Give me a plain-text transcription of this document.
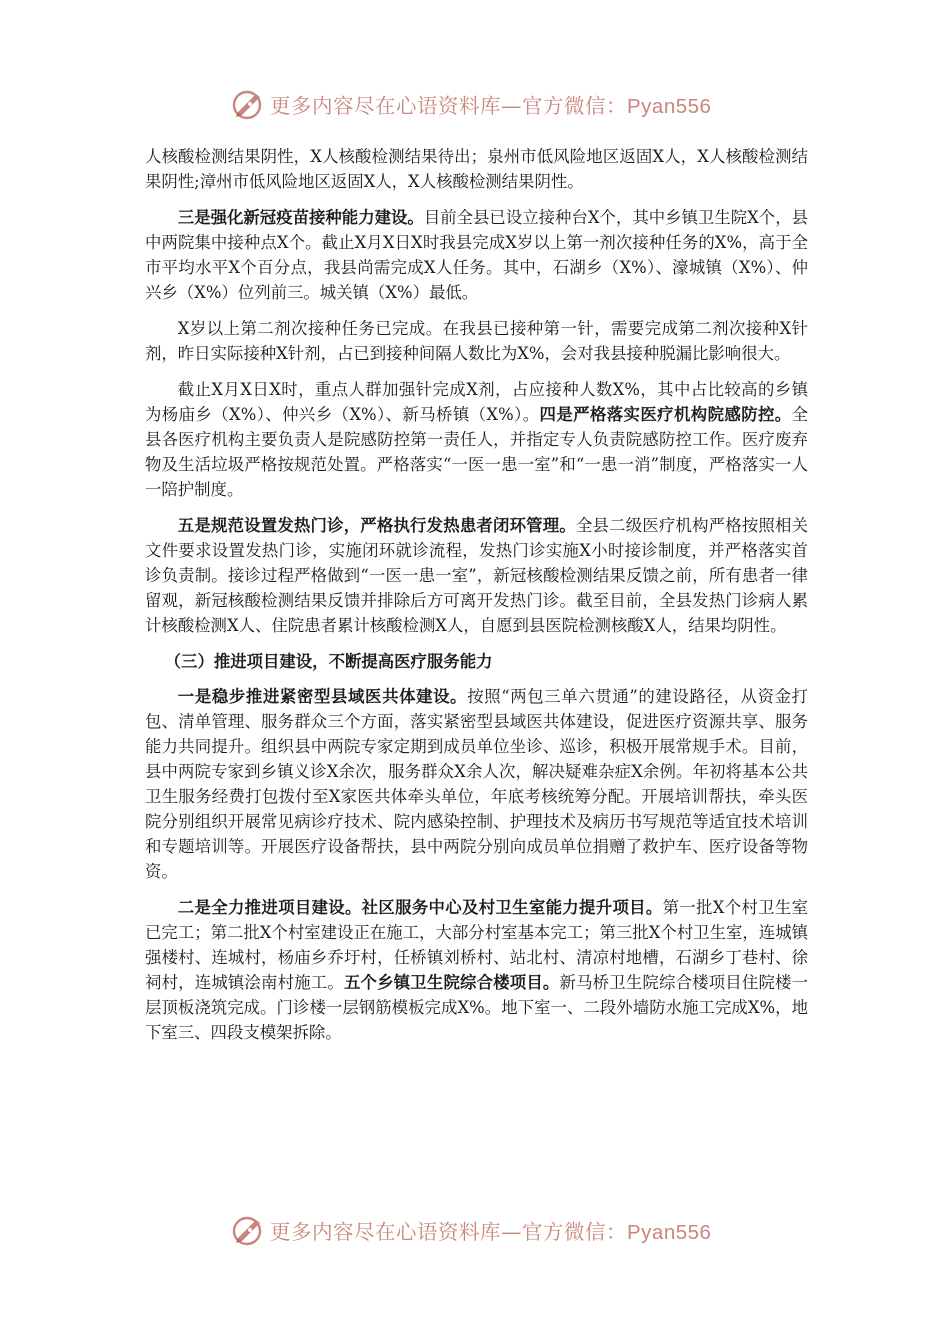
更多内容尽在心语资料库—官方微信：Pyan556

人核酸检测结果阴性，X人核酸检测结果待出；泉州市低风险地区返固X人，X人核酸检测结果阴性;漳州市低风险地区返固X人，X人核酸检测结果阴性。

三是强化新冠疫苗接种能力建设。目前全县已设立接种台X个，其中乡镇卫生院X个，县中两院集中接种点X个。截止X月X日X时我县完成X岁以上第一剂次接种任务的X%，高于全市平均水平X个百分点，我县尚需完成X人任务。其中，石湖乡（X%）、濠城镇（X%）、仲兴乡（X%）位列前三。城关镇（X%）最低。

X岁以上第二剂次接种任务已完成。在我县已接种第一针，需要完成第二剂次接种X针剂，昨日实际接种X针剂，占已到接种间隔人数比为X%，会对我县接种脱漏比影响很大。

截止X月X日X时，重点人群加强针完成X剂，占应接种人数X%，其中占比较高的乡镇为杨庙乡（X%）、仲兴乡（X%）、新马桥镇（X%）。四是严格落实医疗机构院感防控。全县各医疗机构主要负责人是院感防控第一责任人，并指定专人负责院感防控工作。医疗废弃物及生活垃圾严格按规范处置。严格落实“一医一患一室”和“一患一消”制度，严格落实一人一陪护制度。

五是规范设置发热门诊，严格执行发热患者闭环管理。全县二级医疗机构严格按照相关文件要求设置发热门诊，实施闭环就诊流程，发热门诊实施X小时接诊制度，并严格落实首诊负责制。接诊过程严格做到“一医一患一室”，新冠核酸检测结果反馈之前，所有患者一律留观，新冠核酸检测结果反馈并排除后方可离开发热门诊。截至目前，全县发热门诊病人累计核酸检测X人、住院患者累计核酸检测X人，自愿到县医院检测核酸X人，结果均阴性。

（三）推进项目建设，不断提高医疗服务能力

一是稳步推进紧密型县域医共体建设。按照“两包三单六贯通”的建设路径，从资金打包、清单管理、服务群众三个方面，落实紧密型县域医共体建设，促进医疗资源共享、服务能力共同提升。组织县中两院专家定期到成员单位坐诊、巡诊，积极开展常规手术。目前，县中两院专家到乡镇义诊X余次，服务群众X余人次，解决疑难杂症X余例。年初将基本公共卫生服务经费打包拨付至X家医共体牵头单位，年底考核统筹分配。开展培训帮扶，牵头医院分别组织开展常见病诊疗技术、院内感染控制、护理技术及病历书写规范等适宜技术培训和专题培训等。开展医疗设备帮扶，县中两院分别向成员单位捐赠了救护车、医疗设备等物资。

二是全力推进项目建设。社区服务中心及村卫生室能力提升项目。第一批X个村卫生室已完工；第二批X个村室建设正在施工，大部分村室基本完工；第三批X个村卫生室，连城镇强楼村、连城村，杨庙乡乔圩村，任桥镇刘桥村、站北村、清凉村地槽，石湖乡丁巷村、徐祠村，连城镇浍南村施工。五个乡镇卫生院综合楼项目。新马桥卫生院综合楼项目住院楼一层顶板浇筑完成。门诊楼一层钢筋模板完成X%。地下室一、二段外墙防水施工完成X%，地下室三、四段支模架拆除。

更多内容尽在心语资料库—官方微信：Pyan556
